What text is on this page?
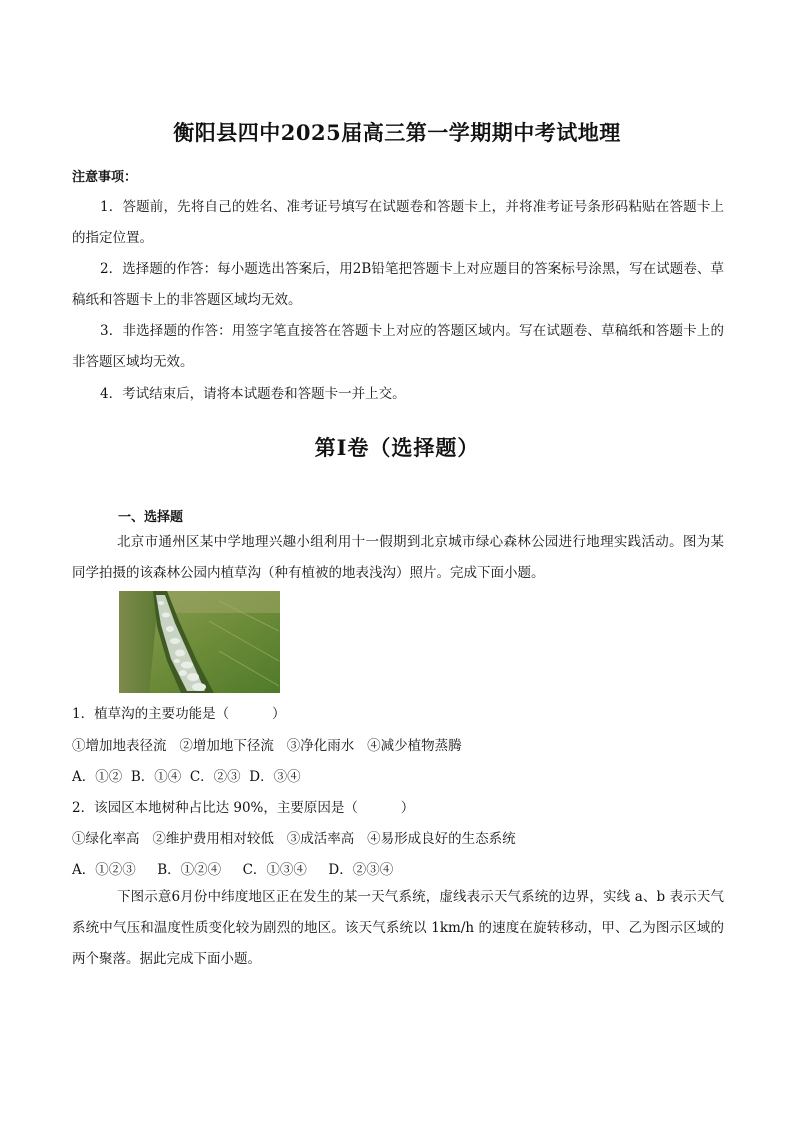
衡阳县四中2025届高三第一学期期中考试地理
注意事项：
1．答题前，先将自己的姓名、准考证号填写在试题卷和答题卡上，并将准考证号条形码粘贴在答题卡上的指定位置。
2．选择题的作答：每小题选出答案后，用2B铅笔把答题卡上对应题目的答案标号涂黑，写在试题卷、草稿纸和答题卡上的非答题区域均无效。
3．非选择题的作答：用签字笔直接答在答题卡上对应的答题区域内。写在试题卷、草稿纸和答题卡上的非答题区域均无效。
4．考试结束后，请将本试题卷和答题卡一并上交。
第Ⅰ卷（选择题）
一、选择题
北京市通州区某中学地理兴趣小组利用十一假期到北京城市绿心森林公园进行地理实践活动。图为某同学拍摄的该森林公园内植草沟（种有植被的地表浅沟）照片。完成下面小题。
1．植草沟的主要功能是（          ）
①增加地表径流   ②增加地下径流   ③净化雨水   ④减少植物蒸腾
A．①②  B．①④  C．②③  D．③④
2．该园区本地树种占比达 90%，主要原因是（          ）
①绿化率高   ②维护费用相对较低   ③成活率高   ④易形成良好的生态系统
A．①②③     B．①②④     C．①③④     D．②③④
下图示意6月份中纬度地区正在发生的某一天气系统，虚线表示天气系统的边界，实线 a、b 表示天气系统中气压和温度性质变化较为剧烈的地区。该天气系统以 1km/h 的速度在旋转移动，甲、乙为图示区域的两个聚落。据此完成下面小题。
